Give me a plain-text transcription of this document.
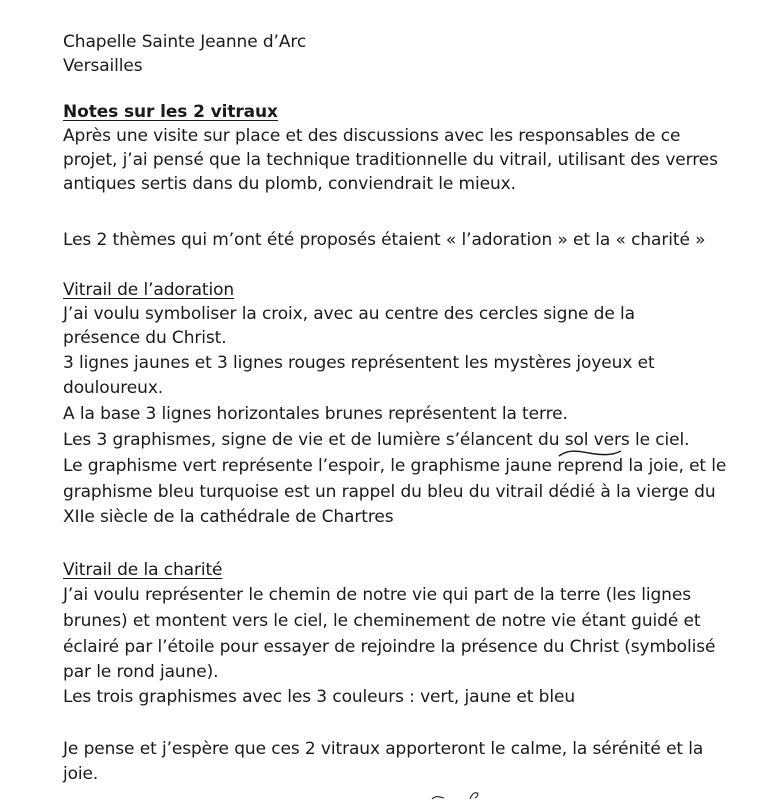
Chapelle Sainte Jeanne d’Arc
Versailles
Notes sur les 2 vitraux
Après une visite sur place et des discussions avec les responsables de ce
projet, j’ai pensé que la technique traditionnelle du vitrail, utilisant des verres
antiques sertis dans du plomb, conviendrait le mieux.
Les 2 thèmes qui m’ont été proposés étaient « l’adoration » et la « charité »
Vitrail de l’adoration
J’ai voulu symboliser la croix, avec au centre des cercles signe de la
présence du Christ.
3 lignes jaunes et 3 lignes rouges représentent les mystères joyeux et
douloureux.
A la base 3 lignes horizontales brunes représentent la terre.
Les 3 graphismes, signe de vie et de lumière s’élancent du sol vers le ciel.
Le graphisme vert représente l’espoir, le graphisme jaune
reprend la joie, et le
graphisme bleu turquoise est un rappel du bleu du vitrail dédié à la vierge du
XIIe siècle de la cathédrale de Chartres
Vitrail de la charité
J’ai voulu représenter le chemin de notre vie qui part de la terre (les lignes
brunes) et montent vers le ciel, le cheminement de notre vie étant guidé et
éclairé par l’étoile pour essayer de rejoindre la présence du Christ (symbolisé
par le rond jaune).
Les trois graphismes avec les 3 couleurs : vert, jaune et bleu
Je pense et j’espère que ces 2 vitraux apporteront le calme, la sérénité et la
joie.
